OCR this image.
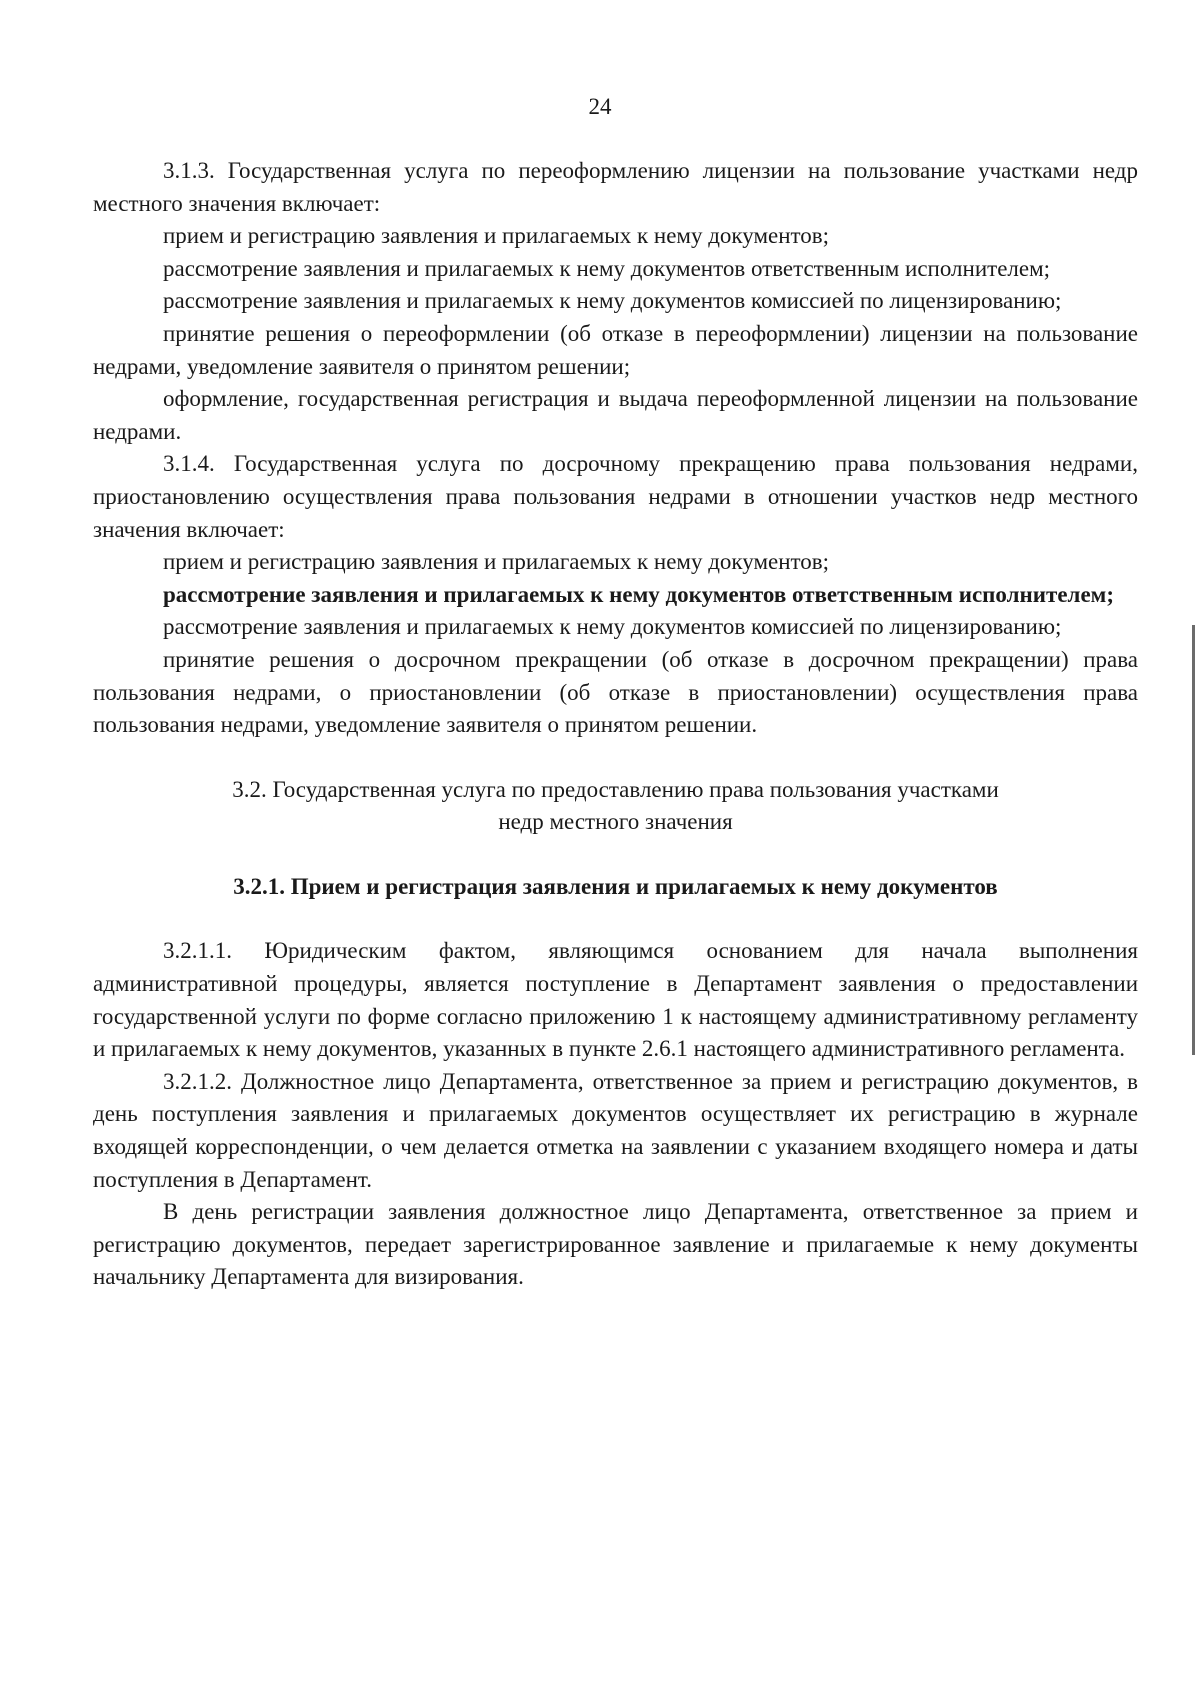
24

3.1.3. Государственная услуга по переоформлению лицензии на пользование участками недр местного значения включает:

прием и регистрацию заявления и прилагаемых к нему документов;

рассмотрение заявления и прилагаемых к нему документов ответственным исполнителем;

рассмотрение заявления и прилагаемых к нему документов комиссией по лицензированию;

принятие решения о переоформлении (об отказе в переоформлении) лицензии на пользование недрами, уведомление заявителя о принятом решении;

оформление, государственная регистрация и выдача переоформленной лицензии на пользование недрами.

3.1.4. Государственная услуга по досрочному прекращению права пользования недрами, приостановлению осуществления права пользования недрами в отношении участков недр местного значения включает:

прием и регистрацию заявления и прилагаемых к нему документов;

рассмотрение заявления и прилагаемых к нему документов ответственным исполнителем;

рассмотрение заявления и прилагаемых к нему документов комиссией по лицензированию;

принятие решения о досрочном прекращении (об отказе в досрочном прекращении) права пользования недрами, о приостановлении (об отказе в приостановлении) осуществления права пользования недрами, уведомление заявителя о принятом решении.

3.2. Государственная услуга по предоставлению права пользования участками
недр местного значения
3.2.1. Прием и регистрация заявления и прилагаемых к нему документов

3.2.1.1. Юридическим фактом, являющимся основанием для начала выполнения административной процедуры, является поступление в Департамент заявления о предоставлении государственной услуги по форме согласно приложению 1 к настоящему административному регламенту и прилагаемых к нему документов, указанных в пункте 2.6.1 настоящего административного регламента.

3.2.1.2. Должностное лицо Департамента, ответственное за прием и регистрацию документов, в день поступления заявления и прилагаемых документов осуществляет их регистрацию в журнале входящей корреспонденции, о чем делается отметка на заявлении с указанием входящего номера и даты поступления в Департамент.

В день регистрации заявления должностное лицо Департамента, ответственное за прием и регистрацию документов, передает зарегистрированное заявление и прилагаемые к нему документы начальнику Департамента для визирования.
